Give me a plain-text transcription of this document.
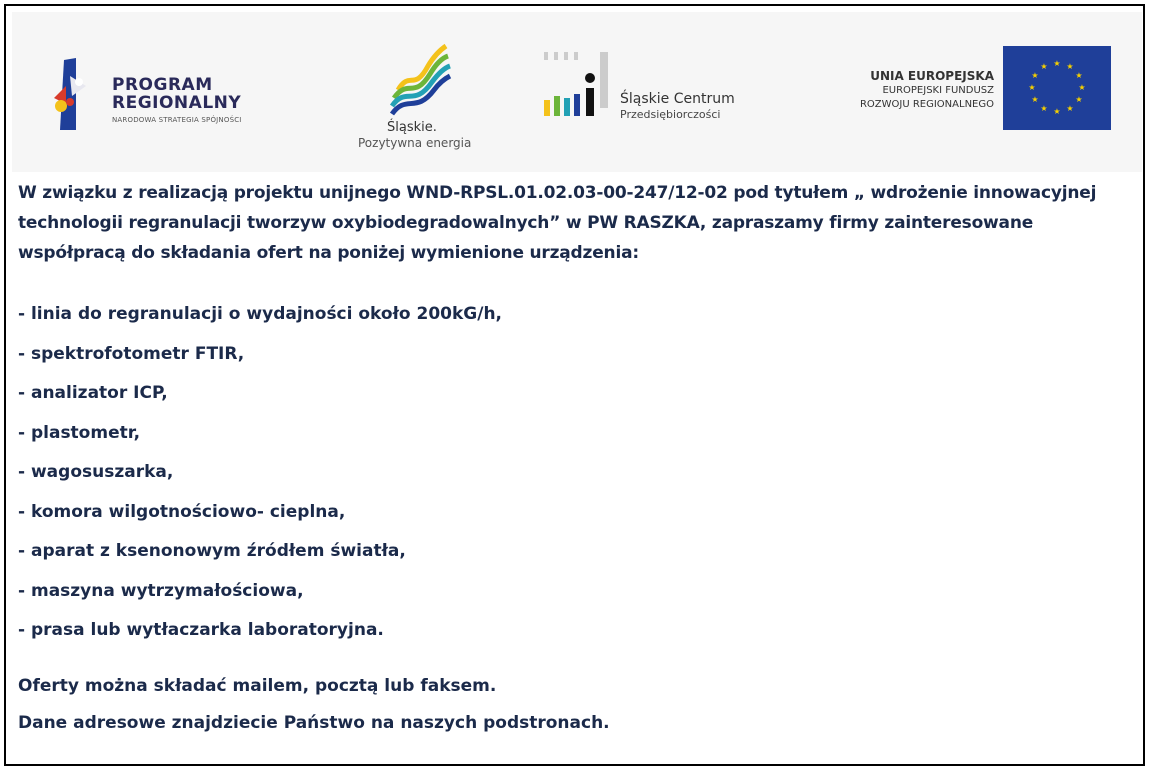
PROGRAM
REGIONALNY
NARODOWA STRATEGIA SPÓJNOŚCI	Śląskie.
Pozytywna energia
Śląskie Centrum
Przedsiębiorczości
UNIA EUROPEJSKA
EUROPEJSKI FUNDUSZ
ROZWOJU REGIONALNEGO
★ ★
★
★
★
★
★
★
★
★
★
★

W związku z realizacją projektu unijnego WND-RPSL.01.02.03-00-247/12-02 pod tytułem „ wdrożenie innowacyjnej technologii regranulacji tworzyw oxybiodegradowalnych” w PW RASZKA, zapraszamy firmy zainteresowane współpracą do składania ofert na poniżej wymienione urządzenia:

- linia do regranulacji o wydajności około 200kG/h,
- spektrofotometr FTIR,
- analizator ICP,
- plastometr,
- wagosuszarka,
- komora wilgotnościowo- cieplna,
- aparat z ksenonowym źródłem światła,
- maszyna wytrzymałościowa,
- prasa lub wytłaczarka laboratoryjna.
Oferty można składać mailem, pocztą lub faksem.
Dane adresowe znajdziecie Państwo na naszych podstronach.
